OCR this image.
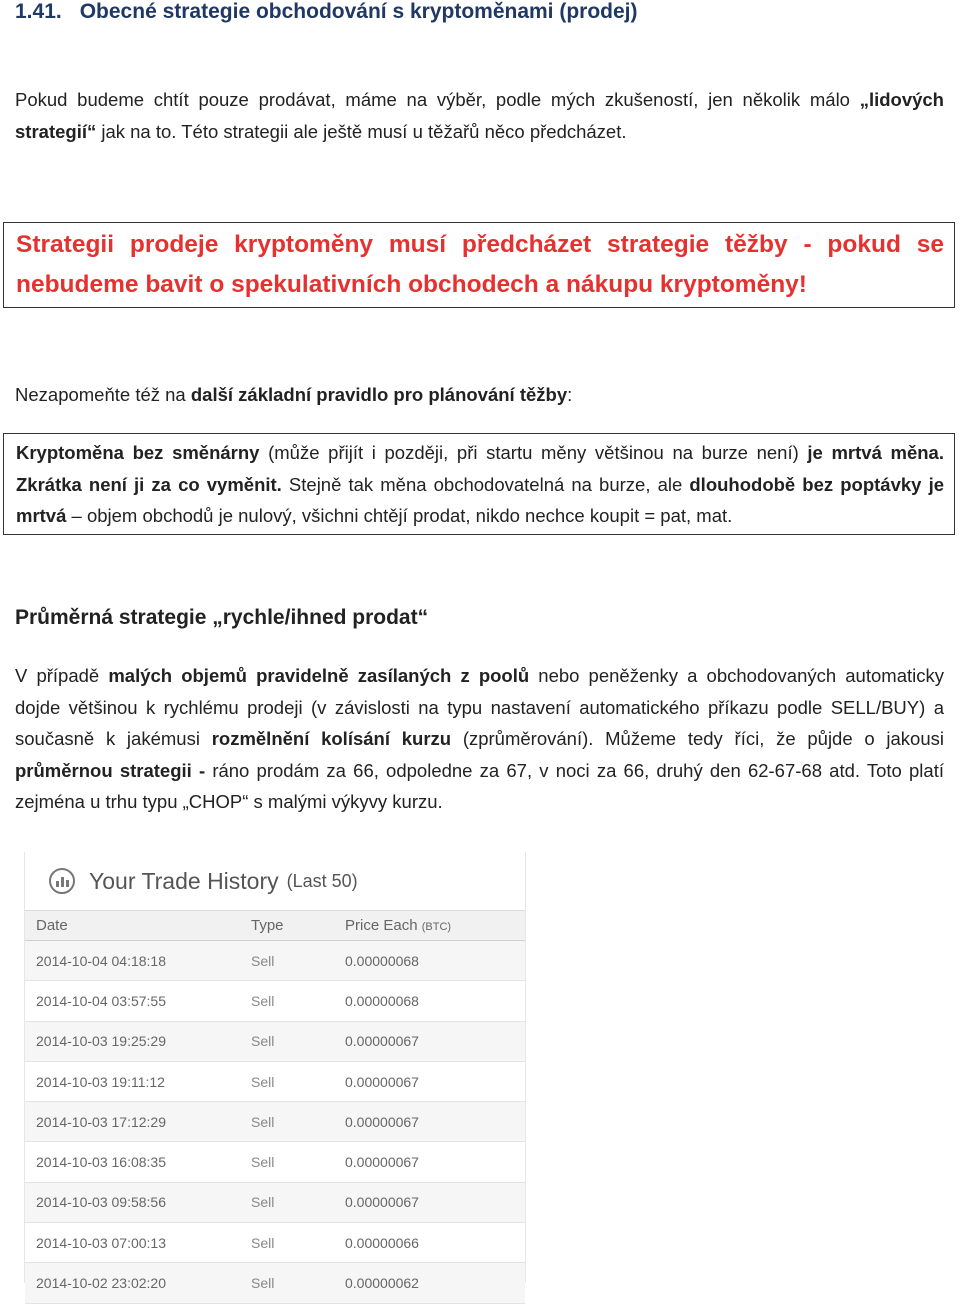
1.41. Obecné strategie obchodování s kryptoměnami (prodej)

Pokud budeme chtít pouze prodávat, máme na výběr, podle mých zkušeností, jen několik málo „lidových strategií“ jak na to. Této strategii ale ještě musí u těžařů něco předcházet.

Strategii prodeje kryptoměny musí předcházet strategie těžby - pokud se nebudeme bavit o spekulativních obchodech a nákupu kryptoměny!

Nezapomeňte též na další základní pravidlo pro plánování těžby:

Kryptoměna bez směnárny (může přijít i později, při startu měny většinou na burze není) je mrtvá měna. Zkrátka není ji za co vyměnit. Stejně tak měna obchodovatelná na burze, ale dlouhodobě bez poptávky je mrtvá – objem obchodů je nulový, všichni chtějí prodat, nikdo nechce koupit = pat, mat.

Průměrná strategie „rychle/ihned prodat“

V případě malých objemů pravidelně zasílaných z poolů nebo peněženky a obchodovaných automaticky dojde většinou k rychlému prodeji (v závislosti na typu nastavení automatického příkazu podle SELL/BUY) a současně k jakémusi rozmělnění kolísání kurzu (zprůměrování). Můžeme tedy říci, že půjde o jakousi průměrnou strategii - ráno prodám za 66, odpoledne za 67, v noci za 66, druhý den 62-67-68 atd. Toto platí zejména u trhu typu „CHOP“ s malými výkyvy kurzu.

Your Trade History (Last 50)
Date	Type	Price Each (BTC)
2014-10-04 04:18:18	Sell	0.00000068
2014-10-04 03:57:55	Sell	0.00000068
2014-10-03 19:25:29	Sell	0.00000067
2014-10-03 19:11:12	Sell	0.00000067
2014-10-03 17:12:29	Sell	0.00000067
2014-10-03 16:08:35	Sell	0.00000067
2014-10-03 09:58:56	Sell	0.00000067
2014-10-03 07:00:13	Sell	0.00000066
2014-10-02 23:02:20	Sell	0.00000062
